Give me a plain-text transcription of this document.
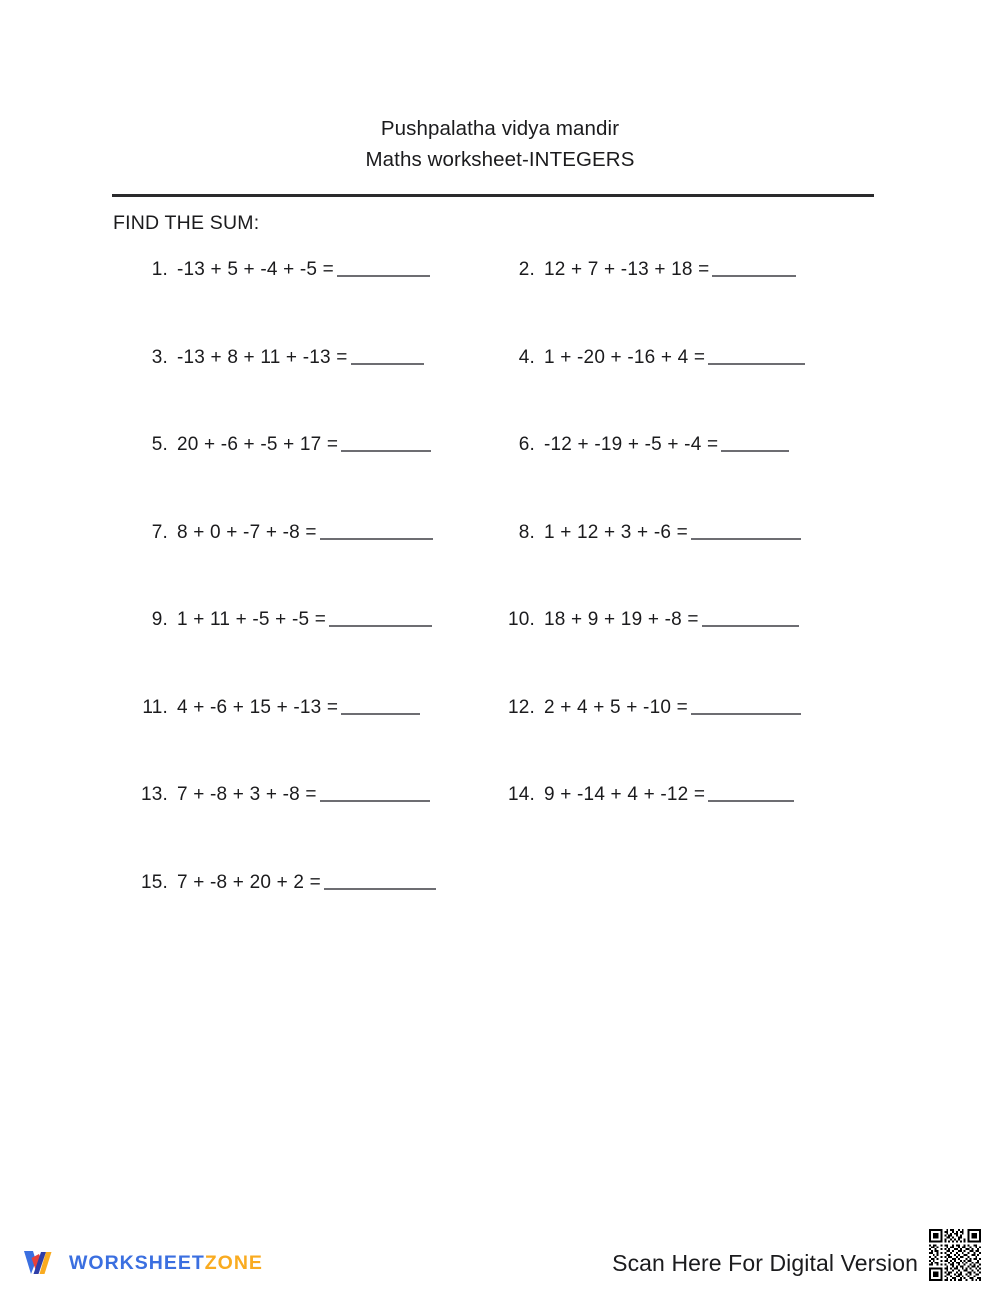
Pushpalatha vidya mandir
Maths worksheet-INTEGERS
FIND THE SUM:
1. -13 + 5 + -4 + -5 =	2. 12 + 7 + -13 + 18 =
3. -13 + 8 + 11 + -13 =	4. 1 + -20 + -16 + 4 =
5. 20 + -6 + -5 + 17 =	6. -12 + -19 + -5 + -4 =
7. 8 + 0 + -7 + -8 =	8. 1 + 12 + 3 + -6 =
9. 1 + 11 + -5 + -5 =	10. 18 + 9 + 19 + -8 =
11. 4 + -6 + 15 + -13 =	12. 2 + 4 + 5 + -10 =
13. 7 + -8 + 3 + -8 =	14. 9 + -14 + 4 + -12 =
15. 7 + -8 + 20 + 2 =
WORKSHEETZONE	Scan Here For Digital Version
